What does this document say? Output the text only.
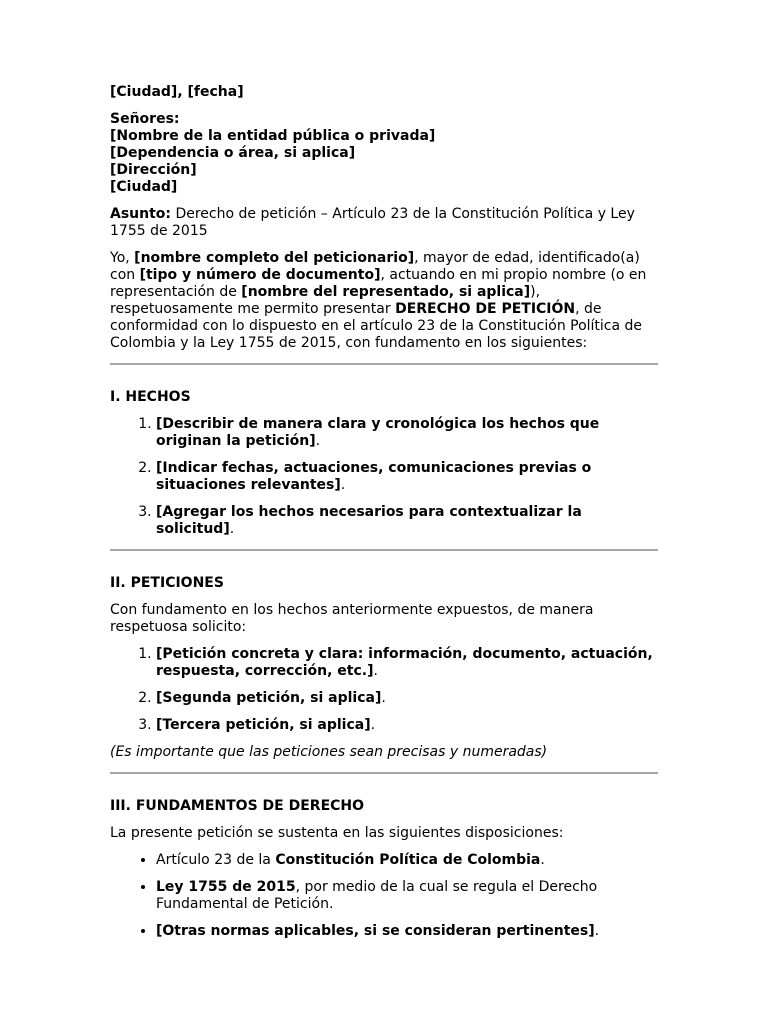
[Ciudad], [fecha]

Señores:
[Nombre de la entidad pública o privada]
[Dependencia o área, si aplica]
[Dirección]
[Ciudad]

Asunto: Derecho de petición – Artículo 23 de la Constitución Política y Ley 1755 de 2015

Yo, [nombre completo del peticionario], mayor de edad, identificado(a) con [tipo y número de documento], actuando en mi propio nombre (o en representación de [nombre del representado, si aplica]), respetuosamente me permito presentar DERECHO DE PETICIÓN, de conformidad con lo dispuesto en el artículo 23 de la Constitución Política de Colombia y la Ley 1755 de 2015, con fundamento en los siguientes:

I. HECHOS

1. [Describir de manera clara y cronológica los hechos que originan la petición].
2. [Indicar fechas, actuaciones, comunicaciones previas o situaciones relevantes].
3. [Agregar los hechos necesarios para contextualizar la solicitud].

II. PETICIONES

Con fundamento en los hechos anteriormente expuestos, de manera respetuosa solicito:

1. [Petición concreta y clara: información, documento, actuación, respuesta, corrección, etc.].
2. [Segunda petición, si aplica].
3. [Tercera petición, si aplica].

(Es importante que las peticiones sean precisas y numeradas)

III. FUNDAMENTOS DE DERECHO

La presente petición se sustenta en las siguientes disposiciones:

• Artículo 23 de la Constitución Política de Colombia.
• Ley 1755 de 2015, por medio de la cual se regula el Derecho Fundamental de Petición.
• [Otras normas aplicables, si se consideran pertinentes].
